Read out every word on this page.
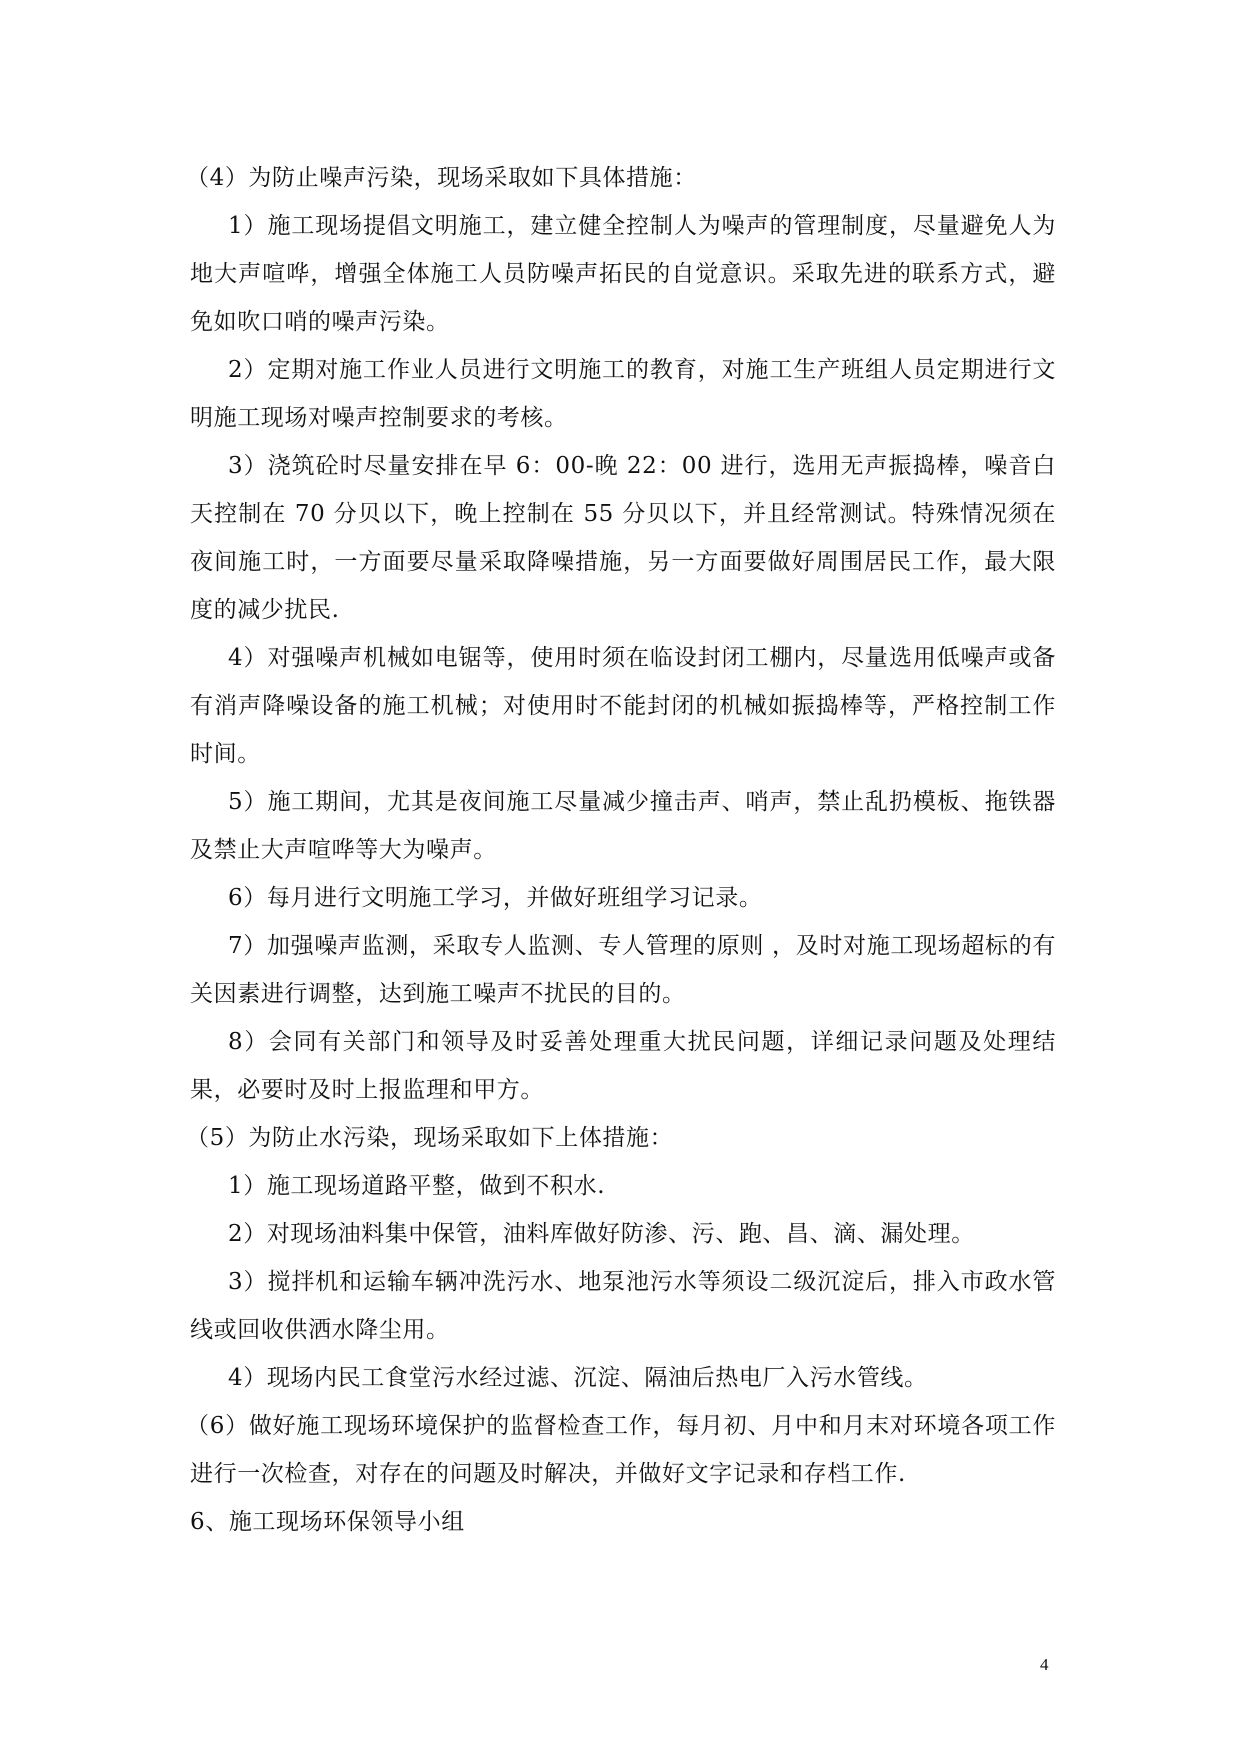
（4）为防止噪声污染，现场采取如下具体措施：

1）施工现场提倡文明施工，建立健全控制人为噪声的管理制度，尽量避免人为地大声喧哗，增强全体施工人员防噪声拓民的自觉意识。采取先进的联系方式，避免如吹口哨的噪声污染。

2）定期对施工作业人员进行文明施工的教育，对施工生产班组人员定期进行文明施工现场对噪声控制要求的考核。

3）浇筑砼时尽量安排在早 6：00-晚 22：00 进行，选用无声振捣棒，噪音白天控制在 70 分贝以下，晚上控制在 55 分贝以下，并且经常测试。特殊情况须在夜间施工时，一方面要尽量采取降噪措施，另一方面要做好周围居民工作，最大限度的减少扰民.

4）对强噪声机械如电锯等，使用时须在临设封闭工棚内，尽量选用低噪声或备有消声降噪设备的施工机械；对使用时不能封闭的机械如振捣棒等，严格控制工作时间。

5）施工期间，尤其是夜间施工尽量减少撞击声、哨声，禁止乱扔模板、拖铁器及禁止大声喧哗等大为噪声。

6）每月进行文明施工学习，并做好班组学习记录。

7）加强噪声监测，采取专人监测、专人管理的原则 ，及时对施工现场超标的有关因素进行调整，达到施工噪声不扰民的目的。

8）会同有关部门和领导及时妥善处理重大扰民问题，详细记录问题及处理结果，必要时及时上报监理和甲方。

（5）为防止水污染，现场采取如下上体措施：

1）施工现场道路平整，做到不积水.

2）对现场油料集中保管，油料库做好防渗、污、跑、昌、滴、漏处理。

3）搅拌机和运输车辆冲洗污水、地泵池污水等须设二级沉淀后，排入市政水管线或回收供洒水降尘用。

4）现场内民工食堂污水经过滤、沉淀、隔油后热电厂入污水管线。

（6）做好施工现场环境保护的监督检查工作，每月初、月中和月末对环境各项工作进行一次检查，对存在的问题及时解决，并做好文字记录和存档工作.

6、施工现场环保领导小组

4
